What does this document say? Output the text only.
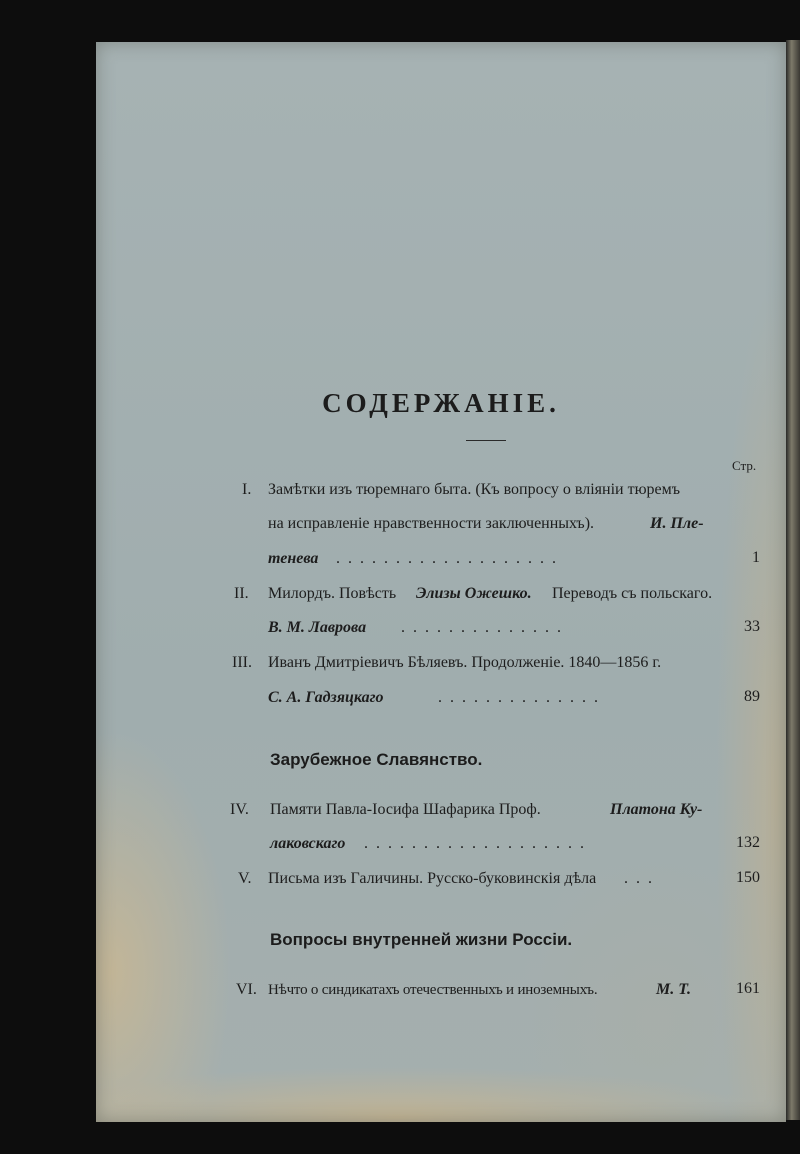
СОДЕРЖАНІЕ.
Стр.
I. Замѣтки изъ тюремнаго быта. (Къ вопросу о вліяніи тюремъ
на исправленіе нравственности заключенныхъ).	И. Пле-
тенева . . . . . . . . . . . . . . . . . . .	1
II. Милордъ. Повѣсть Элизы Ожешко. Переводъ съ польскаго.
В. М. Лаврова . . . . . . . . . . . . . .	33
III. Иванъ Дмитріевичъ Бѣляевъ. Продолженіе. 1840—1856 г.
С. А. Гадзяцкаго	. . . . . . . . . . . . . .	89
Зарубежное Славянство.
IV. Памяти Павла-Іосифа Шафарика Проф.	Платона Ку-
лаковскаго . . . . . . . . . . . . . . . . . . .	132
V. Письма изъ Галичины. Русско-буковинскія дѣла . . .	150
Вопросы внутренней жизни Россіи.
VI. Нѣчто о синдикатахъ отечественныхъ и иноземныхъ.	М. Т.	161
